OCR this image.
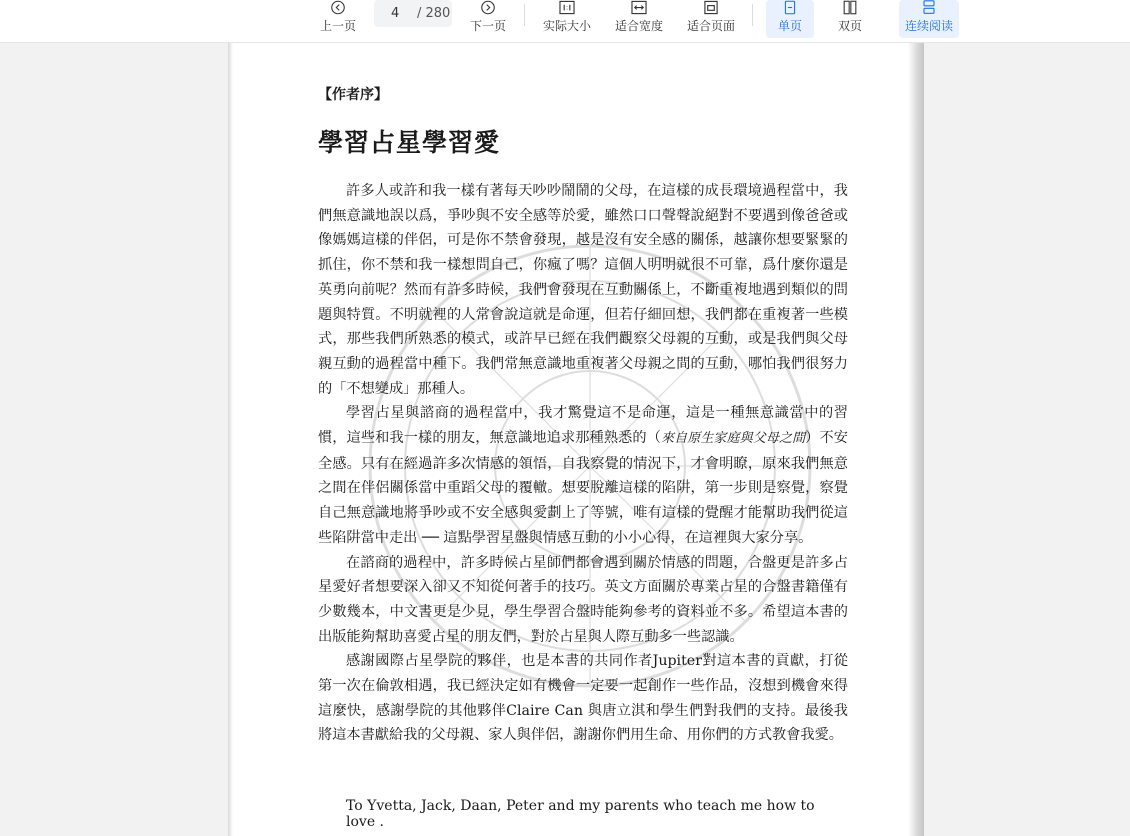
上一页
4	/ 280
下一页	实际大小 适合宽度 适合页面	单页	双页	连续阅读
【作者序】
學習占星學習愛

許多人或許和我一樣有著每天吵吵鬧鬧的父母，在這樣的成長環境過程當中，我們無意識地誤以爲，爭吵與不安全感等於愛，雖然口口聲聲說絕對不要遇到像爸爸或像媽媽這樣的伴侶，可是你不禁會發現，越是沒有安全感的關係，越讓你想要緊緊的抓住，你不禁和我一樣想問自己，你瘋了嗎？這個人明明就很不可靠，爲什麼你還是英勇向前呢？然而有許多時候，我們會發現在互動關係上，不斷重複地遇到類似的問題與特質。不明就裡的人常會說這就是命運，但若仔細回想，我們都在重複著一些模式，那些我們所熟悉的模式，或許早已經在我們觀察父母親的互動，或是我們與父母親互動的過程當中種下。我們常無意識地重複著父母親之間的互動，哪怕我們很努力的「不想變成」那種人。

學習占星與諮商的過程當中，我才驚覺這不是命運，這是一種無意識當中的習慣，這些和我一樣的朋友，無意識地追求那種熟悉的（來自原生家庭與父母之間）不安全感。只有在經過許多次情感的領悟，自我察覺的情況下，才會明瞭，原來我們無意之間在伴侶關係當中重蹈父母的覆轍。想要脫離這樣的陷阱，第一步則是察覺，察覺自己無意識地將爭吵或不安全感與愛劃上了等號，唯有這樣的覺醒才能幫助我們從這些陷阱當中走出 ── 這點學習星盤與情感互動的小小心得，在這裡與大家分享。

在諮商的過程中，許多時候占星師們都會遇到關於情感的問題，合盤更是許多占星愛好者想要深入卻又不知從何著手的技巧。英文方面關於專業占星的合盤書籍僅有少數幾本，中文書更是少見，學生學習合盤時能夠參考的資料並不多。希望這本書的出版能夠幫助喜愛占星的朋友們，對於占星與人際互動多一些認識。

感謝國際占星學院的夥伴，也是本書的共同作者Jupiter對這本書的貢獻，打從第一次在倫敦相遇，我已經決定如有機會一定要一起創作一些作品，沒想到機會來得這麼快，感謝學院的其他夥伴Claire Can 與唐立淇和學生們對我們的支持。最後我將這本書獻給我的父母親、家人與伴侶，謝謝你們用生命、用你們的方式教會我愛。

To Yvetta, Jack, Daan, Peter and my parents who teach me how to love .
